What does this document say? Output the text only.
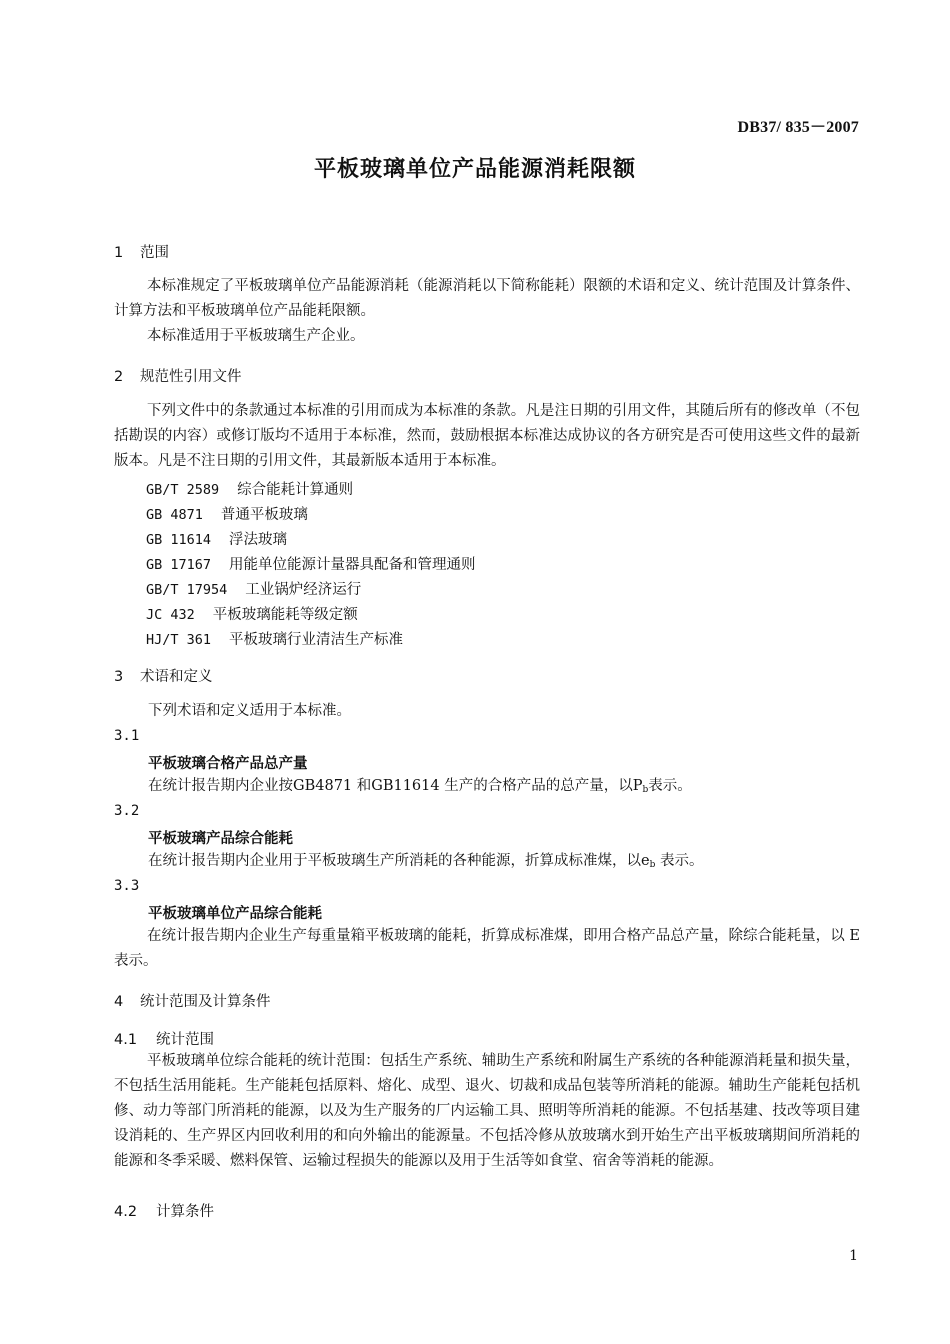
DB37/ 835－2007
平板玻璃单位产品能源消耗限额
1 范围
本标准规定了平板玻璃单位产品能源消耗（能源消耗以下简称能耗）限额的术语和定义、统计范围及计算条件、计算方法和平板玻璃单位产品能耗限额。
本标准适用于平板玻璃生产企业。
2 规范性引用文件
下列文件中的条款通过本标准的引用而成为本标准的条款。凡是注日期的引用文件，其随后所有的修改单（不包括勘误的内容）或修订版均不适用于本标准，然而，鼓励根据本标准达成协议的各方研究是否可使用这些文件的最新版本。凡是不注日期的引用文件，其最新版本适用于本标准。
GB/T 2589 综合能耗计算通则
GB 4871 普通平板玻璃
GB 11614 浮法玻璃
GB 17167 用能单位能源计量器具配备和管理通则
GB/T 17954 工业锅炉经济运行
JC 432 平板玻璃能耗等级定额
HJ/T 361 平板玻璃行业清洁生产标准
3 术语和定义
下列术语和定义适用于本标准。
3.1
平板玻璃合格产品总产量
在统计报告期内企业按GB4871 和GB11614 生产的合格产品的总产量，以$P_b$表示。
3.2
平板玻璃产品综合能耗
在统计报告期内企业用于平板玻璃生产所消耗的各种能源，折算成标准煤，以$e_b$ 表示。
3.3
平板玻璃单位产品综合能耗
在统计报告期内企业生产每重量箱平板玻璃的能耗，折算成标准煤，即用合格产品总产量，除综合能耗量，以 E 表示。
4 统计范围及计算条件
4.1 统计范围
平板玻璃单位综合能耗的统计范围：包括生产系统、辅助生产系统和附属生产系统的各种能源消耗量和损失量，不包括生活用能耗。生产能耗包括原料、熔化、成型、退火、切裁和成品包装等所消耗的能源。辅助生产能耗包括机修、动力等部门所消耗的能源，以及为生产服务的厂内运输工具、照明等所消耗的能源。不包括基建、技改等项目建设消耗的、生产界区内回收利用的和向外输出的能源量。不包括冷修从放玻璃水到开始生产出平板玻璃期间所消耗的能源和冬季采暖、燃料保管、运输过程损失的能源以及用于生活等如食堂、宿舍等消耗的能源。
4.2 计算条件
1
